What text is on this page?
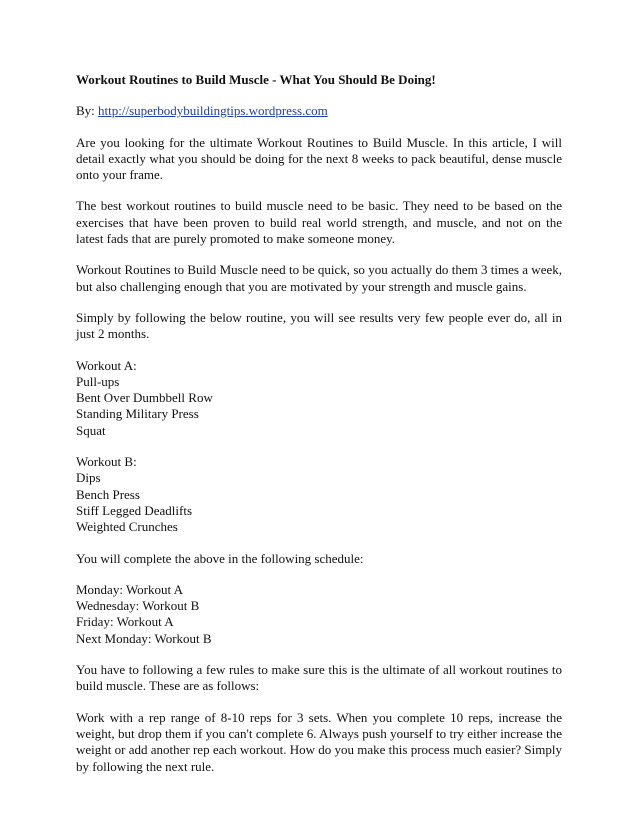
Workout Routines to Build Muscle - What You Should Be Doing!

By: http://superbodybuildingtips.wordpress.com

Are you looking for the ultimate Workout Routines to Build Muscle. In this article, I will detail exactly what you should be doing for the next 8 weeks to pack beautiful, dense muscle onto your frame.

The best workout routines to build muscle need to be basic. They need to be based on the exercises that have been proven to build real world strength, and muscle, and not on the latest fads that are purely promoted to make someone money.

Workout Routines to Build Muscle need to be quick, so you actually do them 3 times a week, but also challenging enough that you are motivated by your strength and muscle gains.

Simply by following the below routine, you will see results very few people ever do, all in just 2 months.

Workout A:
Pull-ups
Bent Over Dumbbell Row
Standing Military Press
Squat
Workout B:
Dips
Bench Press
Stiff Legged Deadlifts
Weighted Crunches

You will complete the above in the following schedule:

Monday: Workout A
Wednesday: Workout B
Friday: Workout A
Next Monday: Workout B

You have to following a few rules to make sure this is the ultimate of all workout routines to build muscle. These are as follows:

Work with a rep range of 8-10 reps for 3 sets. When you complete 10 reps, increase the weight, but drop them if you can't complete 6. Always push yourself to try either increase the weight or add another rep each workout. How do you make this process much easier? Simply by following the next rule.
